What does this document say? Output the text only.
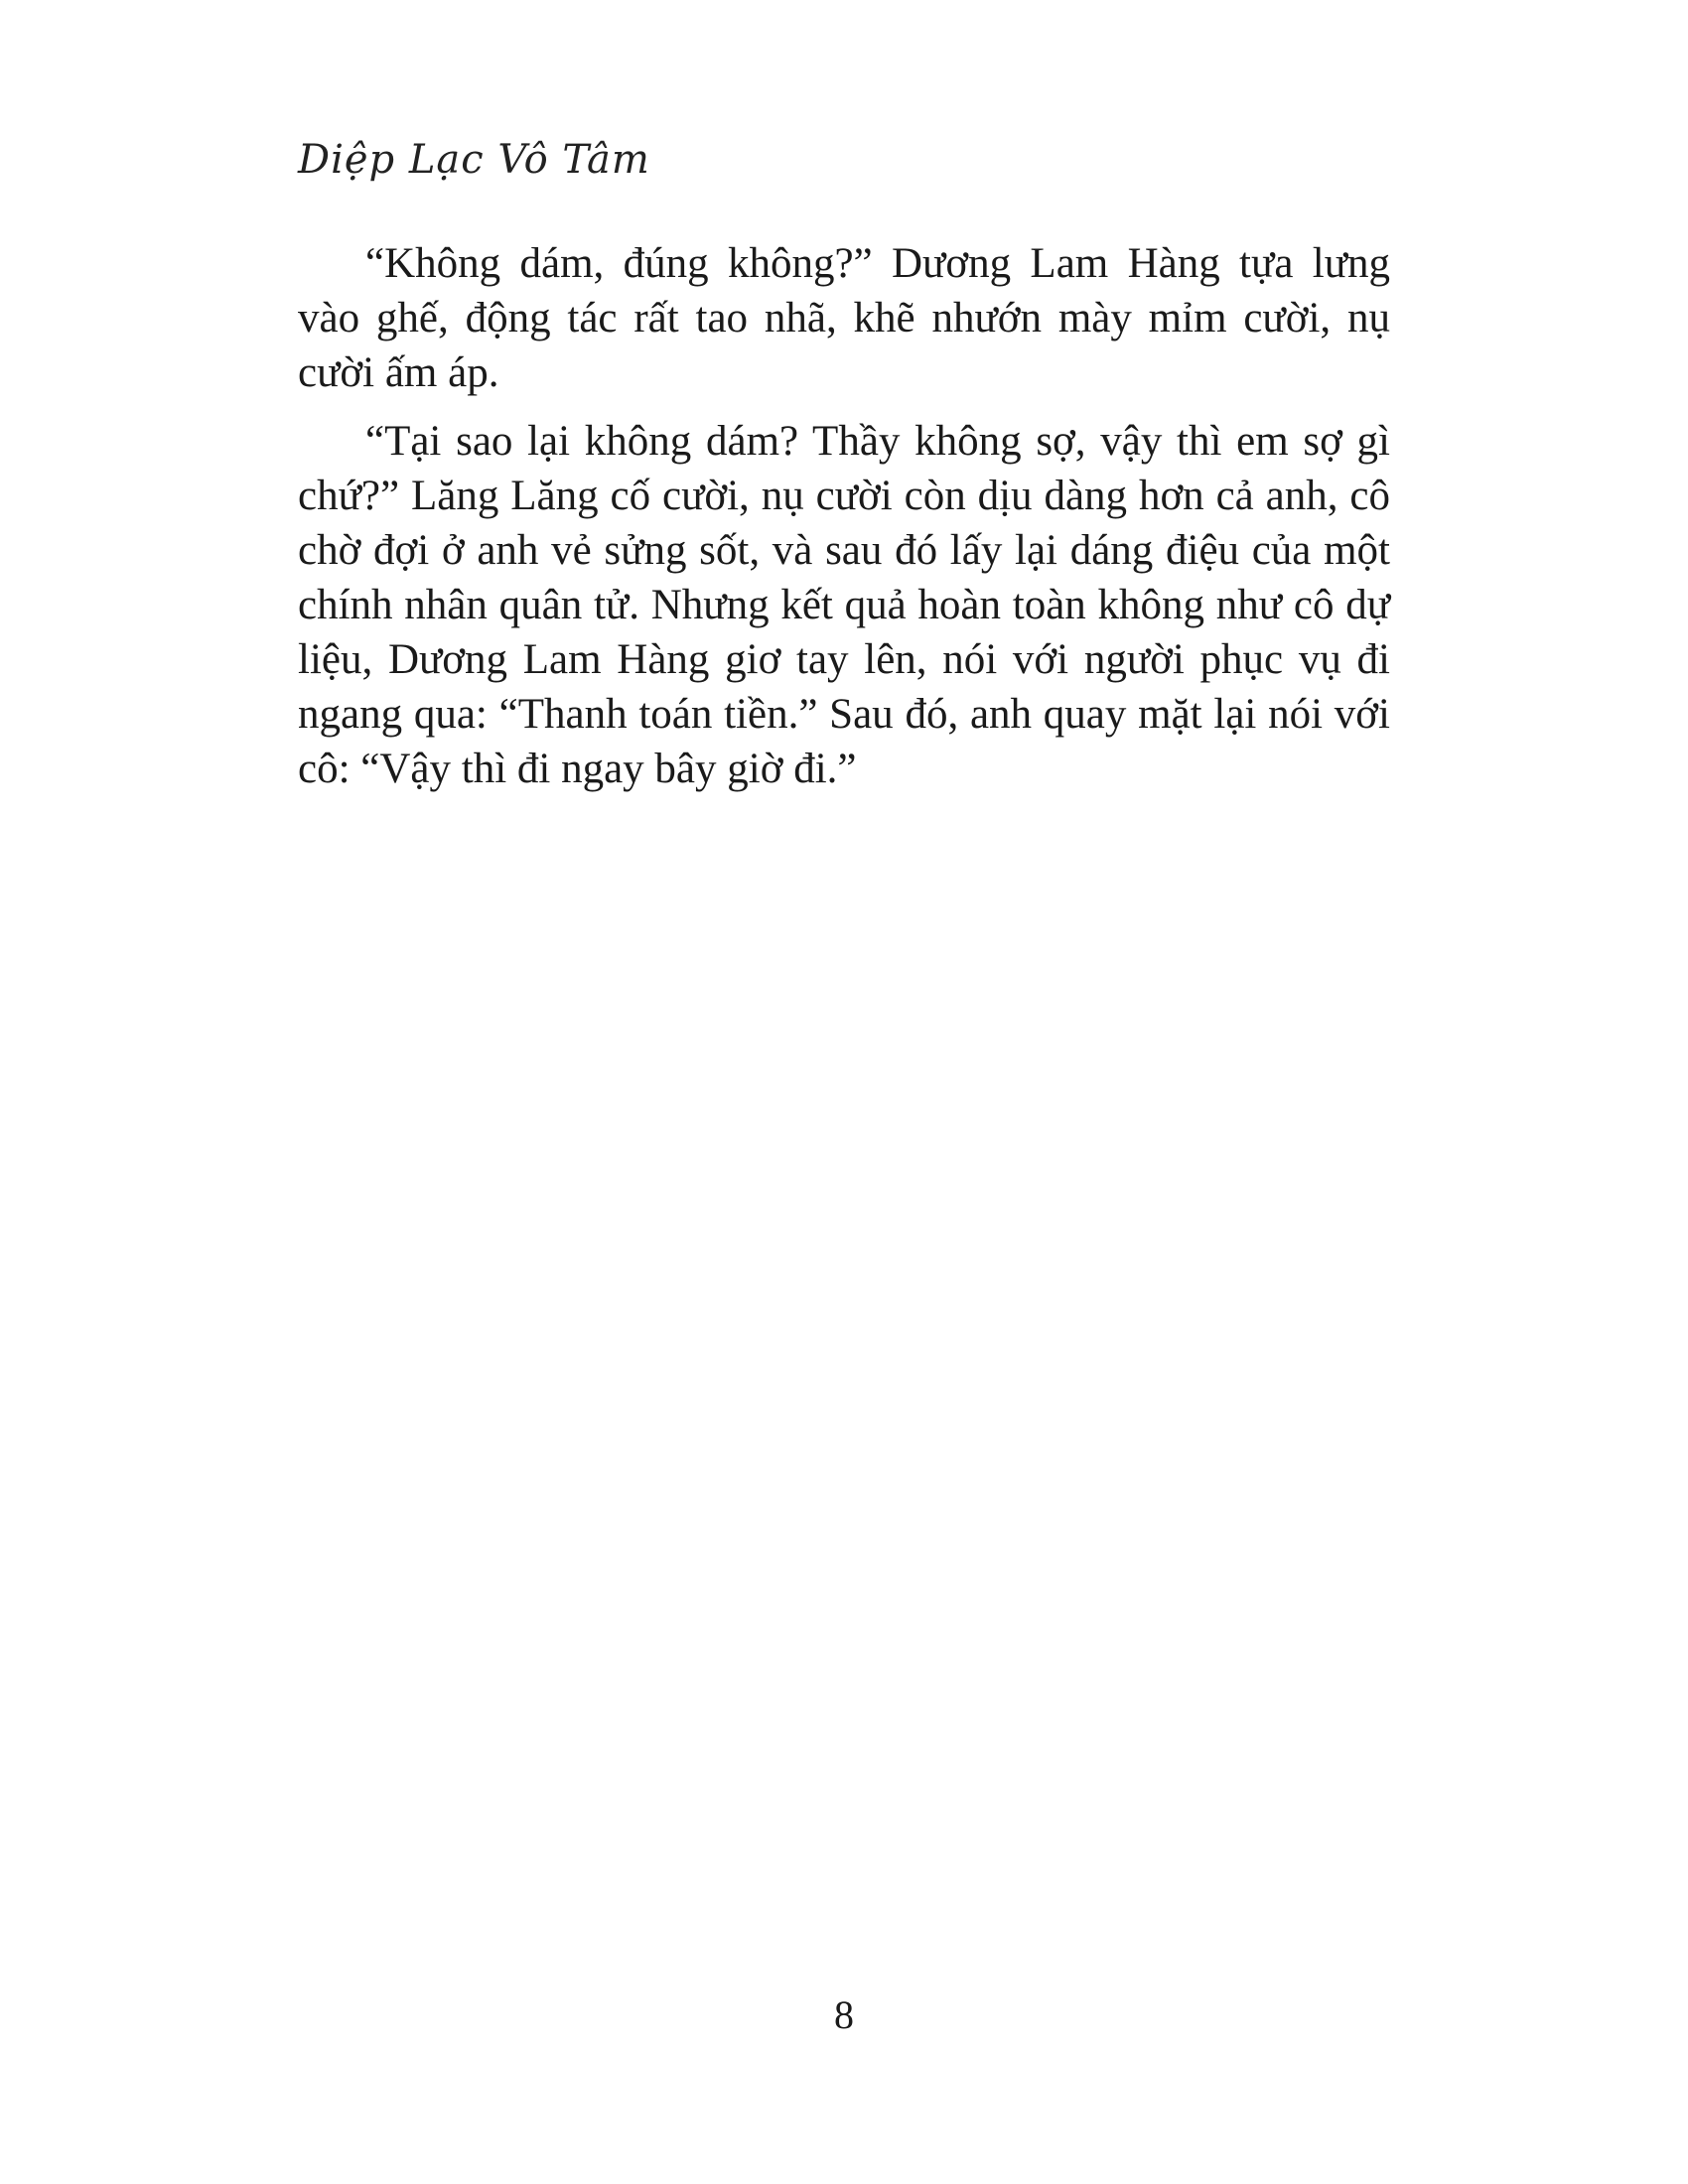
Diệp Lạc Vô Tâm

“Không dám, đúng không?” Dương Lam Hàng tựa lưng vào ghế, động tác rất tao nhã, khẽ nhướn mày mỉm cười, nụ cười ấm áp.

“Tại sao lại không dám? Thầy không sợ, vậy thì em sợ gì chứ?” Lăng Lăng cố cười, nụ cười còn dịu dàng hơn cả anh, cô chờ đợi ở anh vẻ sửng sốt, và sau đó lấy lại dáng điệu của một chính nhân quân tử. Nhưng kết quả hoàn toàn không như cô dự liệu, Dương Lam Hàng giơ tay lên, nói với người phục vụ đi ngang qua: “Thanh toán tiền.” Sau đó, anh quay mặt lại nói với cô: “Vậy thì đi ngay bây giờ đi.”

8
